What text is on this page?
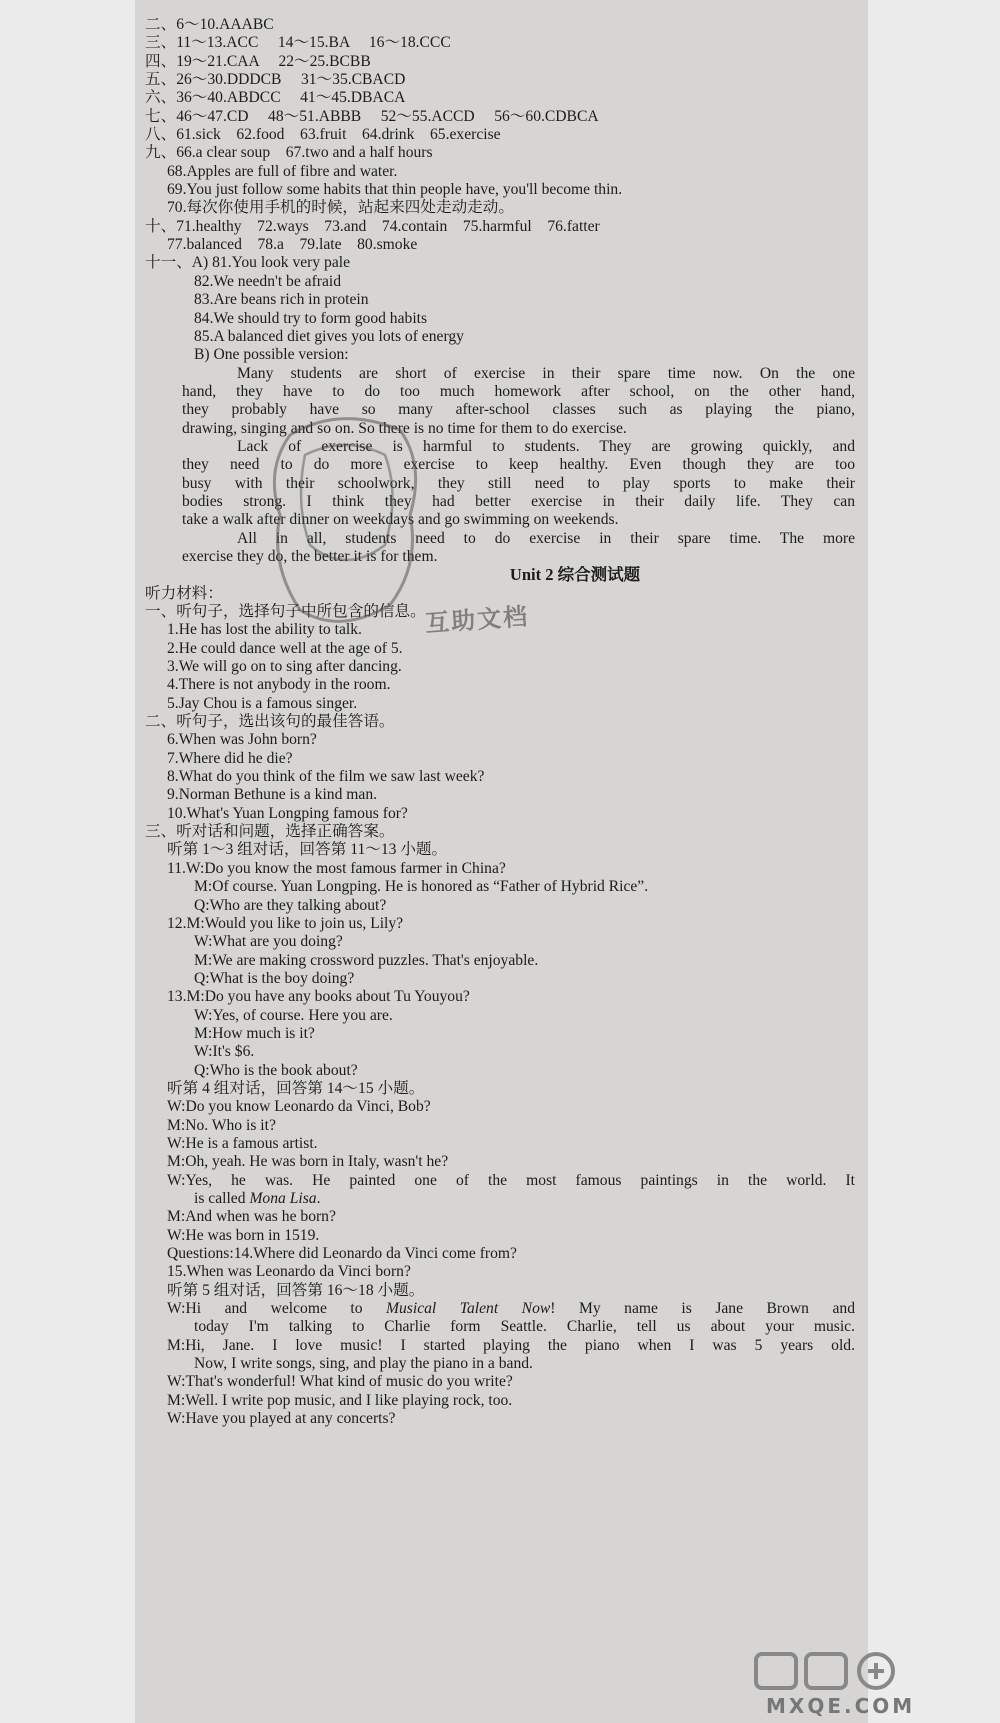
二、6～10.AAABC
三、11～13.ACC　 14～15.BA　 16～18.CCC
四、19～21.CAA　 22～25.BCBB
五、26～30.DDDCB　 31～35.CBACD
六、36～40.ABDCC　 41～45.DBACA
七、46～47.CD　 48～51.ABBB　 52～55.ACCD　 56～60.CDBCA
八、61.sick　62.food　63.fruit　64.drink　65.exercise
九、66.a clear soup　67.two and a half hours
68.Apples are full of fibre and water.
69.You just follow some habits that thin people have, you'll become thin.
70.每次你使用手机的时候，站起来四处走动走动。
十、71.healthy　72.ways　73.and　74.contain　75.harmful　76.fatter
77.balanced　78.a　79.late　80.smoke
十一、A) 81.You look very pale
82.We needn't be afraid
83.Are beans rich in protein
84.We should try to form good habits
85.A balanced diet gives you lots of energy
B) One possible version:
Many students are short of exercise in their spare time now. On the one
hand, they have to do too much homework after school, on the other hand,
they probably have so many after-school classes such as playing the piano,
drawing, singing and so on. So there is no time for them to do exercise.
Lack of exercise is harmful to students. They are growing quickly, and
they need to do more exercise to keep healthy. Even though they are too
busy with their schoolwork, they still need to play sports to make their
bodies strong. I think they had better exercise in their daily life. They can
take a walk after dinner on weekdays and go swimming on weekends.
All in all, students need to do exercise in their spare time. The more
exercise they do, the better it is for them.
Unit 2 综合测试题
听力材料：
一、听句子，选择句子中所包含的信息。
1.He has lost the ability to talk.
2.He could dance well at the age of 5.
3.We will go on to sing after dancing.
4.There is not anybody in the room.
5.Jay Chou is a famous singer.
二、听句子，选出该句的最佳答语。
6.When was John born?
7.Where did he die?
8.What do you think of the film we saw last week?
9.Norman Bethune is a kind man.
10.What's Yuan Longping famous for?
三、听对话和问题，选择正确答案。
听第 1～3 组对话，回答第 11～13 小题。
11.W:Do you know the most famous farmer in China?
M:Of course. Yuan Longping. He is honored as “Father of Hybrid Rice”.
Q:Who are they talking about?
12.M:Would you like to join us, Lily?
W:What are you doing?
M:We are making crossword puzzles. That's enjoyable.
Q:What is the boy doing?
13.M:Do you have any books about Tu Youyou?
W:Yes, of course. Here you are.
M:How much is it?
W:It's $6.
Q:Who is the book about?
听第 4 组对话，回答第 14～15 小题。
W:Do you know Leonardo da Vinci, Bob?
M:No. Who is it?
W:He is a famous artist.
M:Oh, yeah. He was born in Italy, wasn't he?
W:Yes, he was. He painted one of the most famous paintings in the world. It
is called Mona Lisa.
M:And when was he born?
W:He was born in 1519.
Questions:14.Where did Leonardo da Vinci come from?
15.When was Leonardo da Vinci born?
听第 5 组对话，回答第 16～18 小题。
W:Hi and welcome to Musical Talent Now! My name is Jane Brown and
today I'm talking to Charlie form Seattle. Charlie, tell us about your music.
M:Hi, Jane. I love music! I started playing the piano when I was 5 years old.
Now, I write songs, sing, and play the piano in a band.
W:That's wonderful! What kind of music do you write?
M:Well. I write pop music, and I like playing rock, too.
W:Have you played at any concerts?
互助文档
MXQE.COM
